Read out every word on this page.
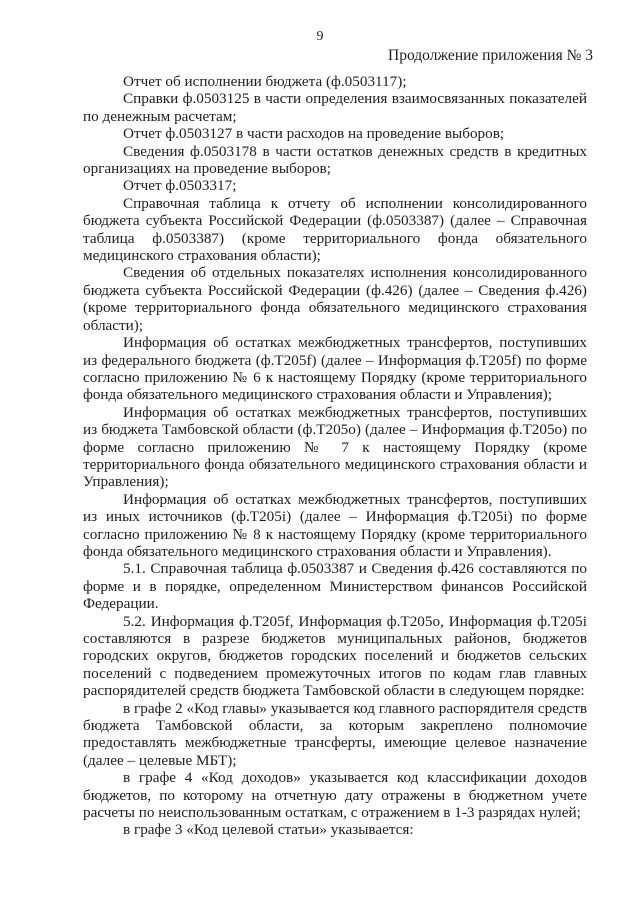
9
Продолжение приложения № 3

Отчет об исполнении бюджета (ф.0503117);

Справки ф.0503125 в части определения взаимосвязанных показателей по денежным расчетам;

Отчет ф.0503127 в части расходов на проведение выборов;

Сведения ф.0503178 в части остатков денежных средств в кредитных организациях на проведение выборов;

Отчет ф.0503317;

Справочная таблица к отчету об исполнении консолидированного бюджета субъекта Российской Федерации (ф.0503387) (далее – Справочная таблица ф.0503387) (кроме территориального фонда обязательного медицинского страхования области);

Сведения об отдельных показателях исполнения консолидированного бюджета субъекта Российской Федерации (ф.426) (далее – Сведения ф.426) (кроме территориального фонда обязательного медицинского страхования области);

Информация об остатках межбюджетных трансфертов, поступивших из федерального бюджета (ф.Т205f) (далее – Информация ф.Т205f) по форме согласно приложению № 6 к настоящему Порядку (кроме территориального фонда обязательного медицинского страхования области и Управления);

Информация об остатках межбюджетных трансфертов, поступивших из бюджета Тамбовской области (ф.Т205о) (далее – Информация ф.Т205о) по форме согласно приложению № 7 к настоящему Порядку (кроме территориального фонда обязательного медицинского страхования области и Управления);

Информация об остатках межбюджетных трансфертов, поступивших из иных источников (ф.Т205i) (далее – Информация ф.Т205i) по форме согласно приложению № 8 к настоящему Порядку (кроме территориального фонда обязательного медицинского страхования области и Управления).

5.1. Справочная таблица ф.0503387 и Сведения ф.426 составляются по форме и в порядке, определенном Министерством финансов Российской Федерации.

5.2. Информация ф.Т205f, Информация ф.Т205о, Информация ф.Т205i составляются в разрезе бюджетов муниципальных районов, бюджетов городских округов, бюджетов городских поселений и бюджетов сельских поселений с подведением промежуточных итогов по кодам глав главных распорядителей средств бюджета Тамбовской области в следующем порядке:

в графе 2 «Код главы» указывается код главного распорядителя средств бюджета Тамбовской области, за которым закреплено полномочие предоставлять межбюджетные трансферты, имеющие целевое назначение (далее – целевые МБТ);

в графе 4 «Код доходов» указывается код классификации доходов бюджетов, по которому на отчетную дату отражены в бюджетном учете расчеты по неиспользованным остаткам, с отражением в 1-3 разрядах нулей;

в графе 3 «Код целевой статьи» указывается:
